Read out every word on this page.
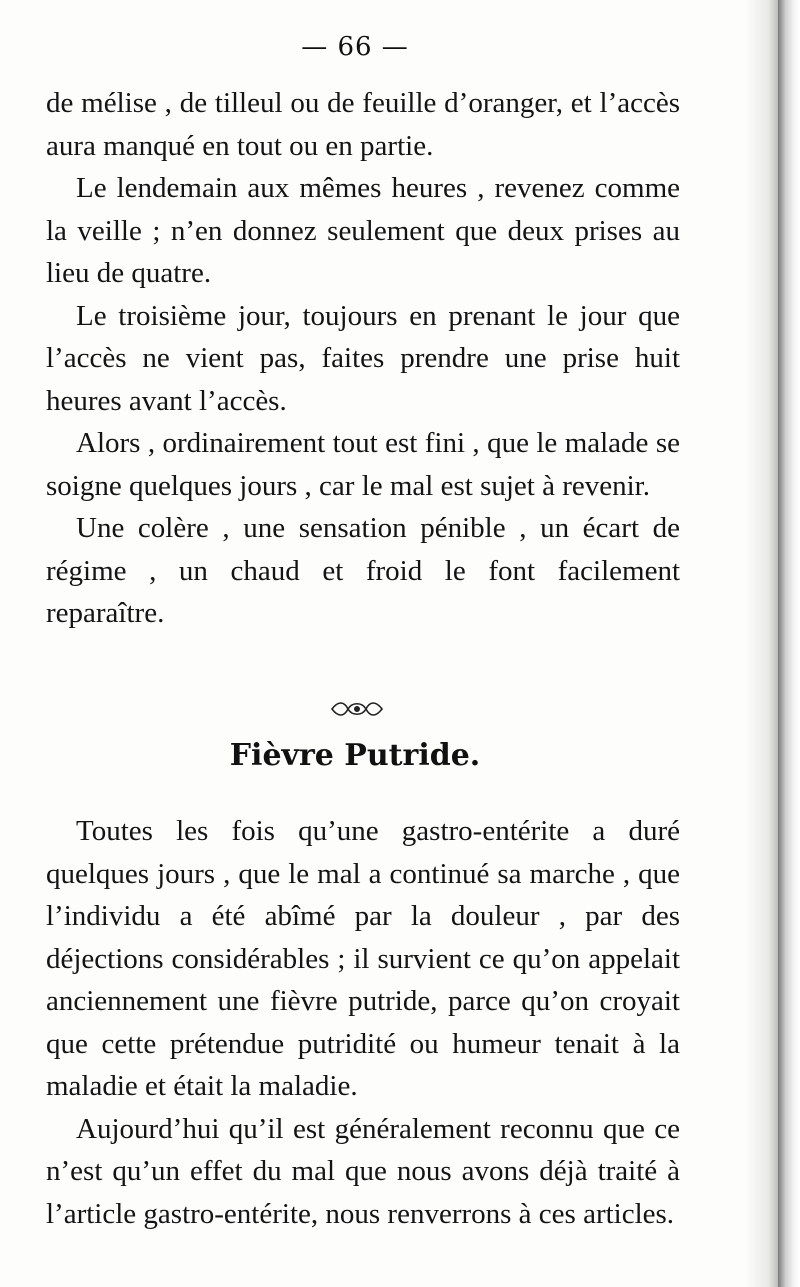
— 66 —

de mélise , de tilleul ou de feuille d’oranger, et l’accès aura manqué en tout ou en partie.

Le lendemain aux mêmes heures , revenez comme la veille ; n’en donnez seulement que deux prises au lieu de quatre.

Le troisième jour, toujours en prenant le jour que l’accès ne vient pas, faites prendre une prise huit heures avant l’accès.

Alors , ordinairement tout est fini , que le malade se soigne quelques jours , car le mal est sujet à revenir.

Une colère , une sensation pénible , un écart de régime , un chaud et froid le font facilement reparaître.

Fièvre Putride.

Toutes les fois qu’une gastro-entérite a duré quelques jours , que le mal a continué sa marche , que l’individu a été abîmé par la douleur , par des déjections considérables ; il survient ce qu’on appelait anciennement une fièvre putride, parce qu’on croyait que cette prétendue putridité ou humeur tenait à la maladie et était la maladie.

Aujourd’hui qu’il est généralement reconnu que ce n’est qu’un effet du mal que nous avons déjà traité à l’article gastro-entérite, nous renverrons à ces articles.
